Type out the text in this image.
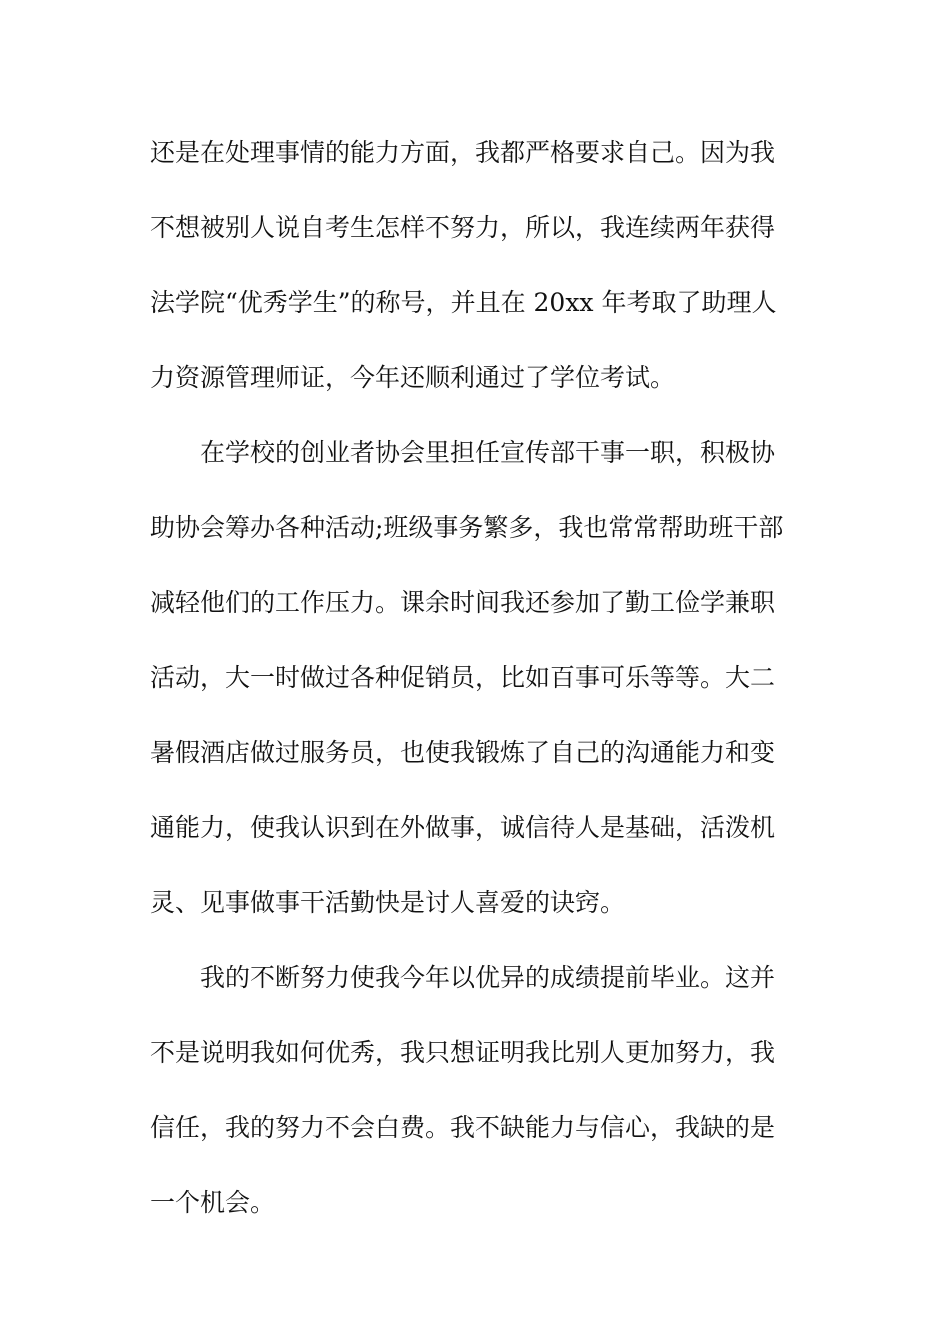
还是在处理事情的能力方面，我都严格要求自己。因为我
不想被别人说自考生怎样不努力，所以，我连续两年获得
法学院“优秀学生”的称号，并且在 20xx 年考取了助理人
力资源管理师证，今年还顺利通过了学位考试。
在学校的创业者协会里担任宣传部干事一职，积极协
助协会筹办各种活动;班级事务繁多，我也常常帮助班干部
减轻他们的工作压力。课余时间我还参加了勤工俭学兼职
活动，大一时做过各种促销员，比如百事可乐等等。大二
暑假酒店做过服务员，也使我锻炼了自己的沟通能力和变
通能力，使我认识到在外做事，诚信待人是基础，活泼机
灵、见事做事干活勤快是讨人喜爱的诀窍。
我的不断努力使我今年以优异的成绩提前毕业。这并
不是说明我如何优秀，我只想证明我比别人更加努力，我
信任，我的努力不会白费。我不缺能力与信心，我缺的是
一个机会。
